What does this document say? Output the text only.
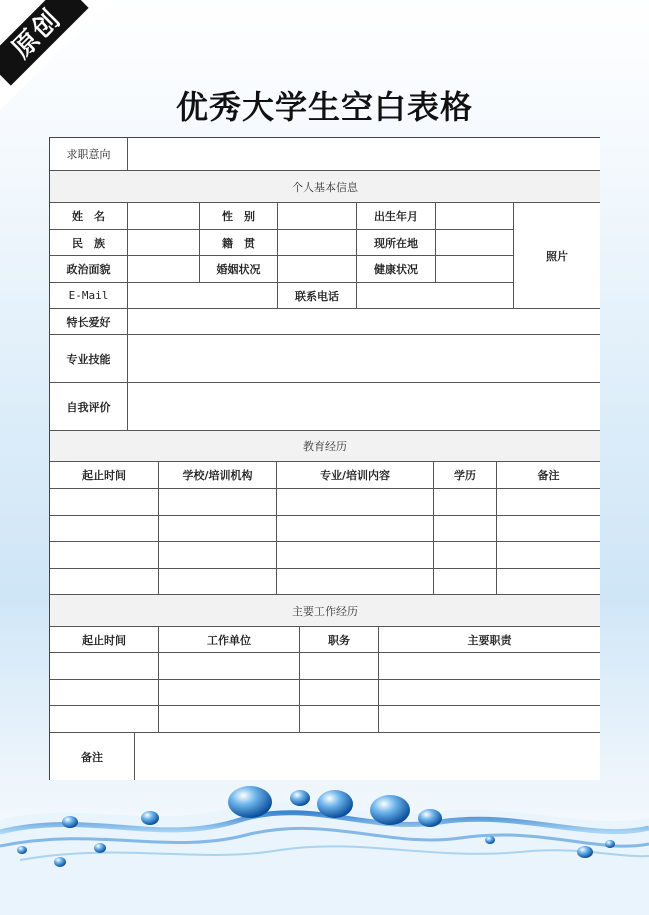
原创
优秀大学生空白表格
求职意向
个人基本信息
姓　名	性　别	出生年月
民　族	籍　贯	现所在地
政治面貌	婚姻状况	健康状况
照片
E-Mail	联系电话
特长爱好
专业技能
自我评价
教育经历
起止时间	学校/培训机构	专业/培训内容	学历	备注
主要工作经历
起止时间	工作单位	职务	主要职责
备注
